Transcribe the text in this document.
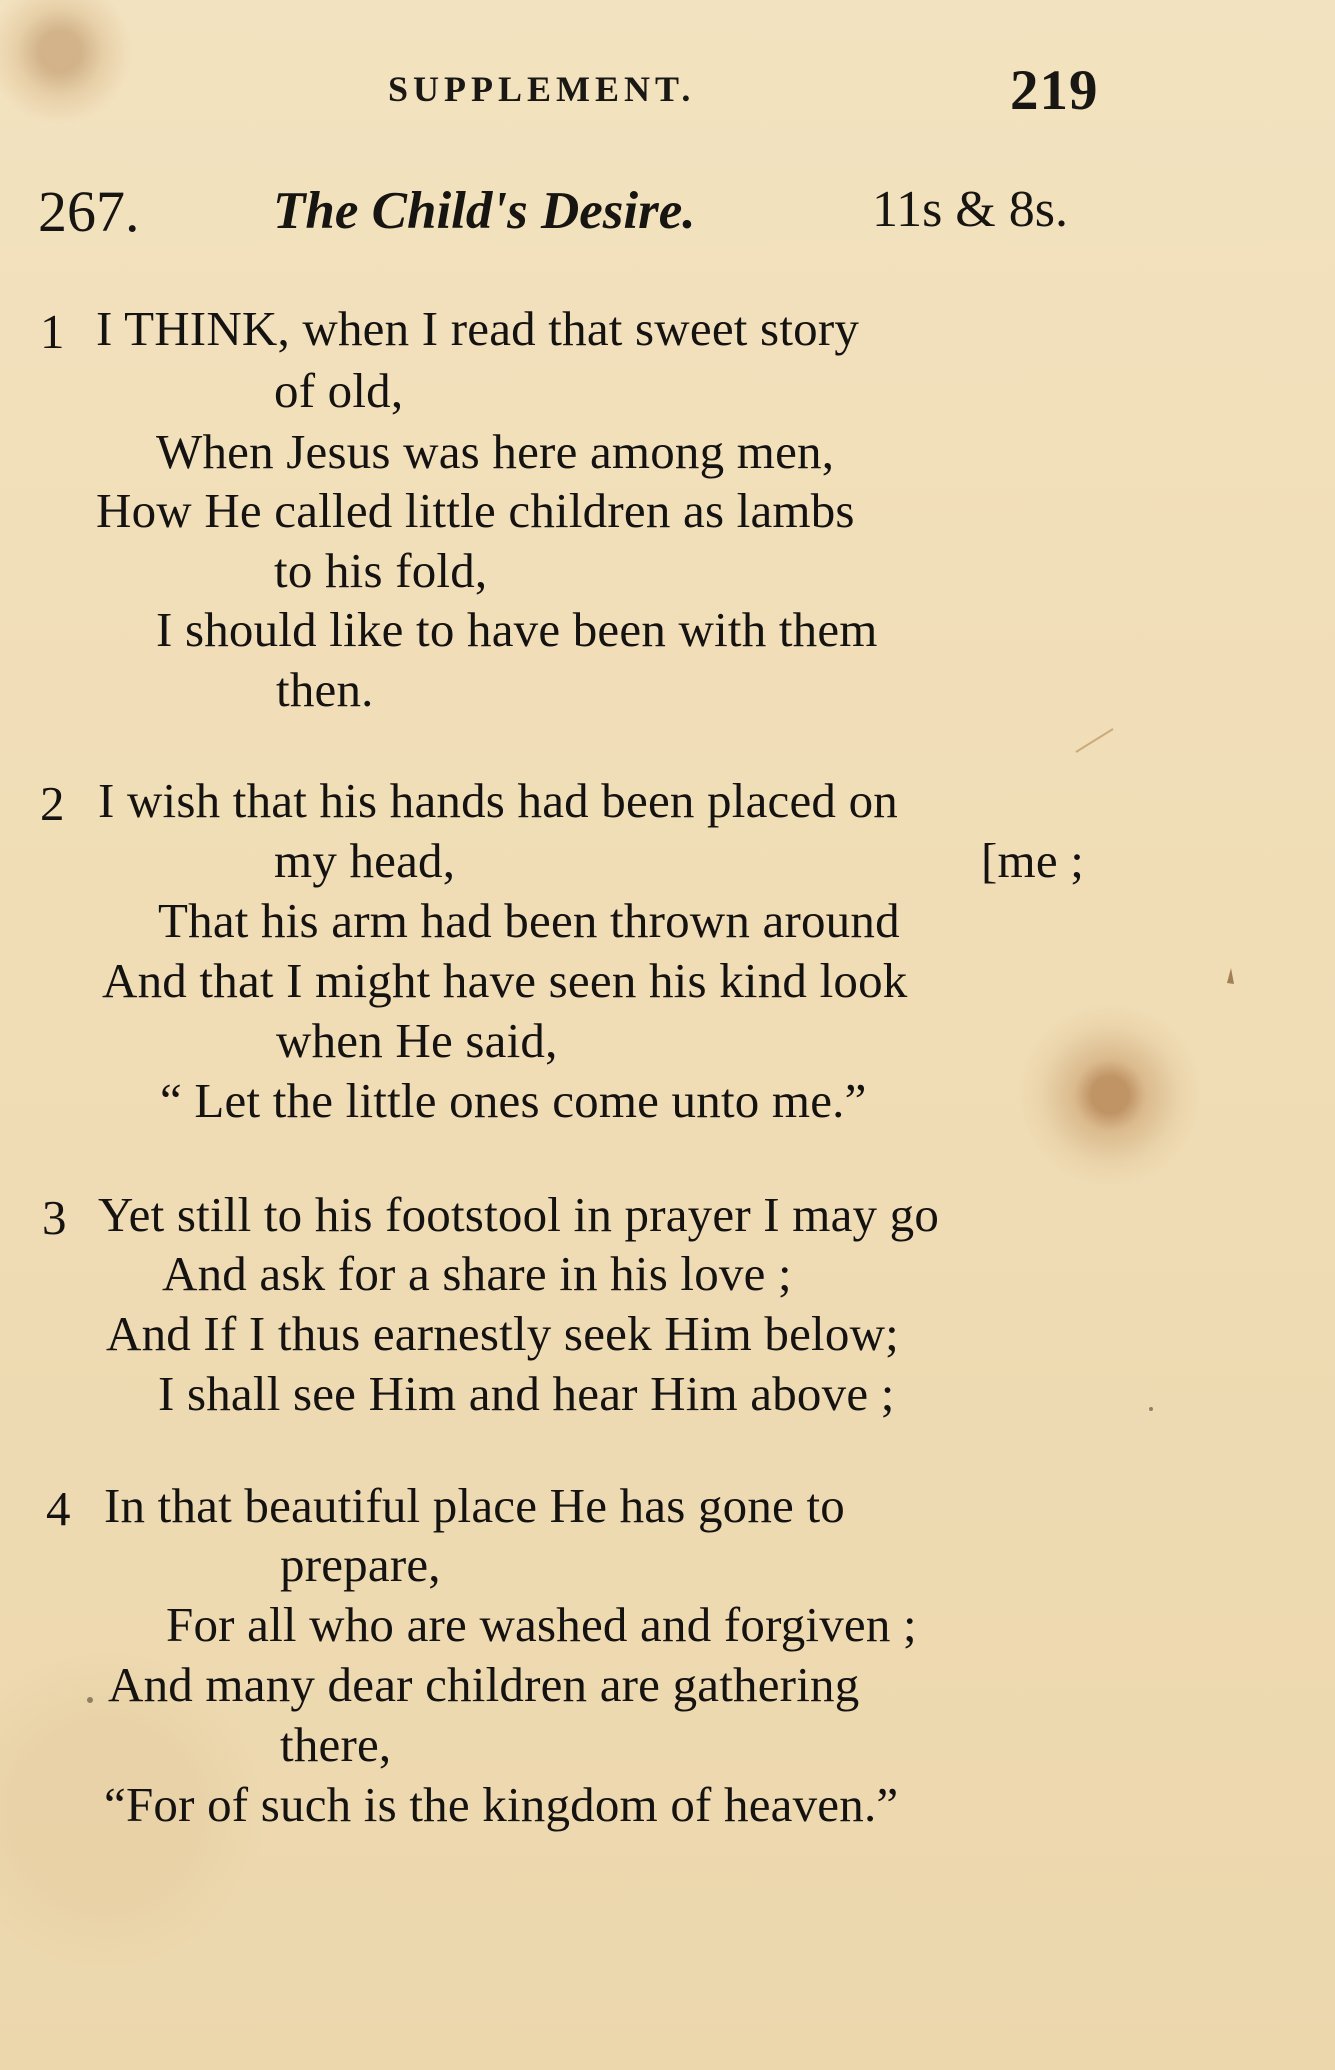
SUPPLEMENT.	219
267.	The Child's Desire.	11s & 8s.
1 I THINK, when I read that sweet story
of old,
When Jesus was here among men,
How He called little children as lambs
to his fold,
I should like to have been with them
then.
2 I wish that his hands had been placed on
my head,	[me ;
That his arm had been thrown around
And that I might have seen his kind look
when He said,
“ Let the little ones come unto me.”
3 Yet still to his footstool in prayer I may go
And ask for a share in his love ;
And If I thus earnestly seek Him below;
I shall see Him and hear Him above ;
4 In that beautiful place He has gone to
prepare,
For all who are washed and forgiven ;
And many dear children are gathering
there,
“For of such is the kingdom of heaven.”
